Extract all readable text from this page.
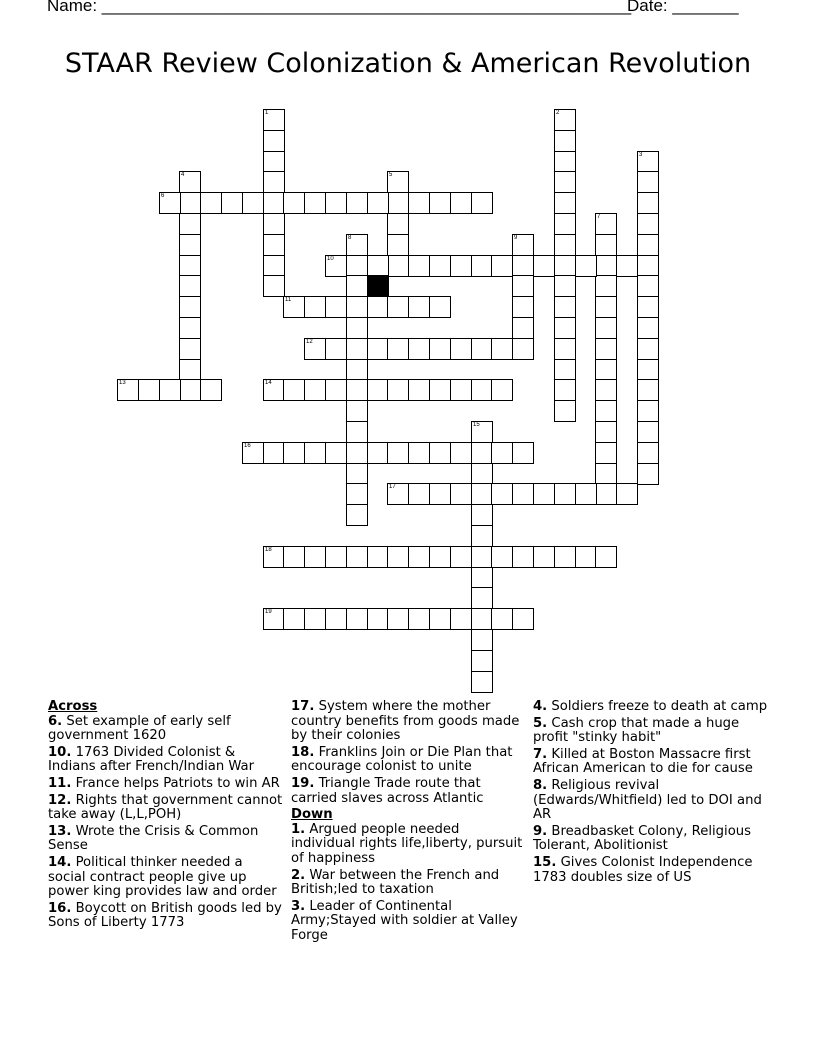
Name: ________________________________________________________
Date: _______
STAAR Review Colonization & American Revolution
1	2
3
4	5
6
7
8	9
10
11
12
13	14
15
16
17
18
19
Across
6. Set example of early self government 1620
10. 1763 Divided Colonist & Indians after French/Indian War
11. France helps Patriots to win AR
12. Rights that government cannot take away (L,L,POH)
13. Wrote the Crisis & Common Sense
14. Political thinker needed a social contract people give up power king provides law and order
16. Boycott on British goods led by Sons of Liberty 1773
17. System where the mother country benefits from goods made by their colonies
18. Franklins Join or Die Plan that encourage colonist to unite
19. Triangle Trade route that carried slaves across Atlantic
Down
1. Argued people needed individual rights life,liberty, pursuit of happiness
2. War between the French and British;led to taxation
3. Leader of Continental Army;Stayed with soldier at Valley Forge
4. Soldiers freeze to death at camp
5. Cash crop that made a huge profit "stinky habit"
7. Killed at Boston Massacre first African American to die for cause
8. Religious revival (Edwards/Whitfield) led to DOI and AR
9. Breadbasket Colony, Religious Tolerant, Abolitionist
15. Gives Colonist Independence 1783 doubles size of US
